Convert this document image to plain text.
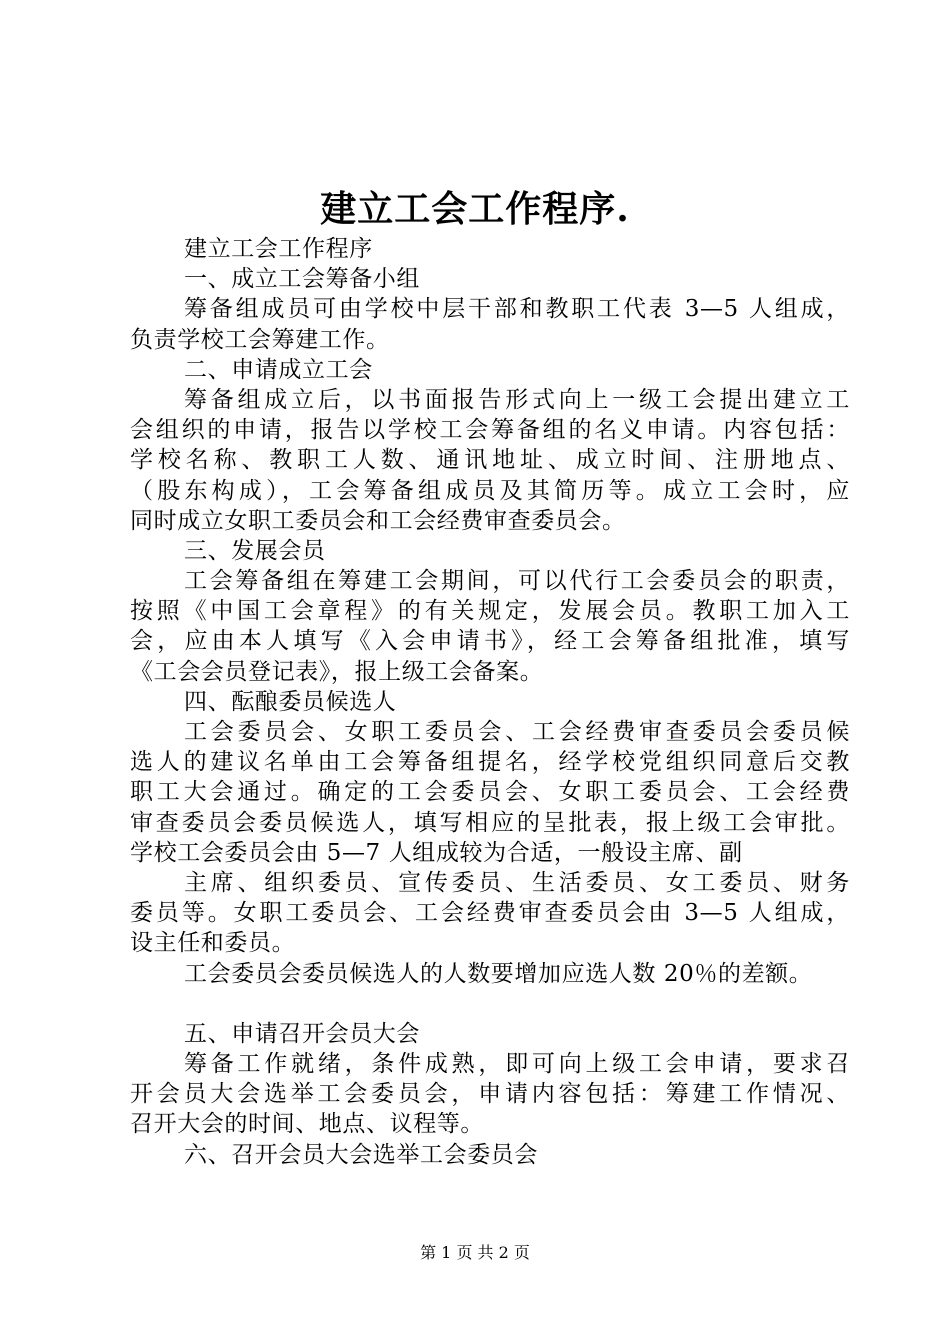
建立工会工作程序.
建立工会工作程序
一、成立工会筹备小组
筹备组成员可由学校中层干部和教职工代表 3—5 人组成，
负责学校工会筹建工作。
二、申请成立工会
筹备组成立后，以书面报告形式向上一级工会提出建立工
会组织的申请，报告以学校工会筹备组的名义申请。内容包括：
学校名称、教职工人数、通讯地址、成立时间、注册地点、
（股东构成），工会筹备组成员及其简历等。成立工会时，应
同时成立女职工委员会和工会经费审查委员会。
三、发展会员
工会筹备组在筹建工会期间，可以代行工会委员会的职责，
按照《中国工会章程》的有关规定，发展会员。教职工加入工
会，应由本人填写《入会申请书》，经工会筹备组批准，填写
《工会会员登记表》，报上级工会备案。
四、酝酿委员候选人
工会委员会、女职工委员会、工会经费审查委员会委员候
选人的建议名单由工会筹备组提名，经学校党组织同意后交教
职工大会通过。确定的工会委员会、女职工委员会、工会经费
审查委员会委员候选人，填写相应的呈批表，报上级工会审批。
学校工会委员会由 5—7 人组成较为合适，一般设主席、副
主席、组织委员、宣传委员、生活委员、女工委员、财务
委员等。女职工委员会、工会经费审查委员会由 3—5 人组成，
设主任和委员。
工会委员会委员候选人的人数要增加应选人数 20％的差额。
五、申请召开会员大会
筹备工作就绪，条件成熟，即可向上级工会申请，要求召
开会员大会选举工会委员会，申请内容包括：筹建工作情况、
召开大会的时间、地点、议程等。
六、召开会员大会选举工会委员会
第 1 页 共 2 页
